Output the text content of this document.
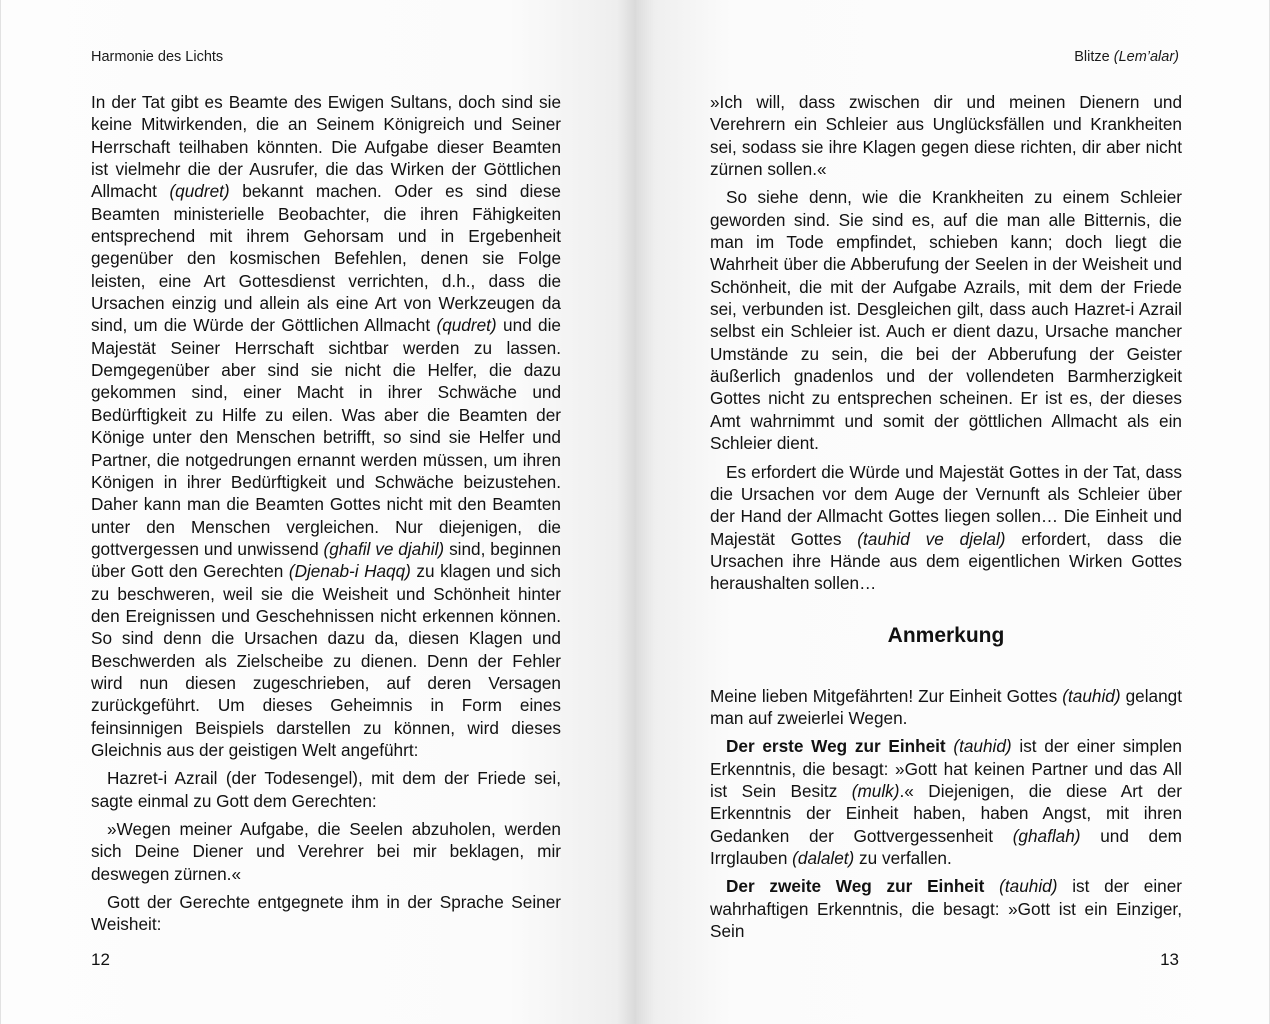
Harmonie des Lichts

In der Tat gibt es Beamte des Ewigen Sultans, doch sind sie keine Mitwirkenden, die an Seinem Königreich und Seiner Herrschaft teilhaben könnten. Die Aufgabe dieser Beamten ist vielmehr die der Ausrufer, die das Wirken der Göttlichen Allmacht (qudret) bekannt machen. Oder es sind diese Beamten ministerielle Beobachter, die ihren Fähigkeiten entsprechend mit ihrem Gehorsam und in Ergebenheit gegenüber den kosmischen Befehlen, denen sie Folge leisten, eine Art Gottesdienst verrichten, d.h., dass die Ursachen einzig und allein als eine Art von Werkzeugen da sind, um die Würde der Göttlichen Allmacht (qudret) und die Majestät Seiner Herrschaft sichtbar werden zu lassen. Demgegenüber aber sind sie nicht die Helfer, die dazu gekommen sind, einer Macht in ihrer Schwäche und Bedürftigkeit zu Hilfe zu eilen. Was aber die Beamten der Könige unter den Menschen betrifft, so sind sie Helfer und Partner, die notgedrungen ernannt werden müssen, um ihren Königen in ihrer Bedürftigkeit und Schwäche beizustehen. Daher kann man die Beamten Gottes nicht mit den Beamten unter den Menschen vergleichen. Nur diejenigen, die gottvergessen und unwissend (ghafil ve djahil) sind, beginnen über Gott den Gerechten (Djenab-i Haqq) zu klagen und sich zu beschweren, weil sie die Weisheit und Schönheit hinter den Ereignissen und Geschehnissen nicht erkennen können. So sind denn die Ursachen dazu da, diesen Klagen und Beschwerden als Zielscheibe zu dienen. Denn der Fehler wird nun diesen zugeschrieben, auf deren Versagen zurückgeführt. Um dieses Geheimnis in Form eines feinsinnigen Beispiels darstellen zu können, wird dieses Gleichnis aus der geistigen Welt angeführt:

Hazret-i Azrail (der Todesengel), mit dem der Friede sei, sagte einmal zu Gott dem Gerechten:

»Wegen meiner Aufgabe, die Seelen abzuholen, werden sich Deine Diener und Verehrer bei mir beklagen, mir deswegen zürnen.«

Gott der Gerechte entgegnete ihm in der Sprache Seiner Weisheit:

12
Blitze (Lem’alar)

»Ich will, dass zwischen dir und meinen Dienern und Verehrern ein Schleier aus Unglücksfällen und Krankheiten sei, sodass sie ihre Klagen gegen diese richten, dir aber nicht zürnen sollen.«

So siehe denn, wie die Krankheiten zu einem Schleier geworden sind. Sie sind es, auf die man alle Bitternis, die man im Tode empfindet, schieben kann; doch liegt die Wahrheit über die Abberufung der Seelen in der Weisheit und Schönheit, die mit der Aufgabe Azrails, mit dem der Friede sei, verbunden ist. Desgleichen gilt, dass auch Hazret-i Azrail selbst ein Schleier ist. Auch er dient dazu, Ursache mancher Umstände zu sein, die bei der Abberufung der Geister äußerlich gnadenlos und der vollendeten Barmherzigkeit Gottes nicht zu entsprechen scheinen. Er ist es, der dieses Amt wahrnimmt und somit der göttlichen Allmacht als ein Schleier dient.

Es erfordert die Würde und Majestät Gottes in der Tat, dass die Ursachen vor dem Auge der Vernunft als Schleier über der Hand der Allmacht Gottes liegen sollen… Die Einheit und Majestät Gottes (tauhid ve djelal) erfordert, dass die Ursachen ihre Hände aus dem eigentlichen Wirken Gottes heraushalten sollen…

Anmerkung

Meine lieben Mitgefährten! Zur Einheit Gottes (tauhid) gelangt man auf zweierlei Wegen.

Der erste Weg zur Einheit (tauhid) ist der einer simplen Erkenntnis, die besagt: »Gott hat keinen Partner und das All ist Sein Besitz (mulk).« Diejenigen, die diese Art der Erkenntnis der Einheit haben, haben Angst, mit ihren Gedanken der Gottvergessenheit (ghaflah) und dem Irrglauben (dalalet) zu verfallen.

Der zweite Weg zur Einheit (tauhid) ist der einer wahrhaftigen Erkenntnis, die besagt: »Gott ist ein Einziger, Sein

13
